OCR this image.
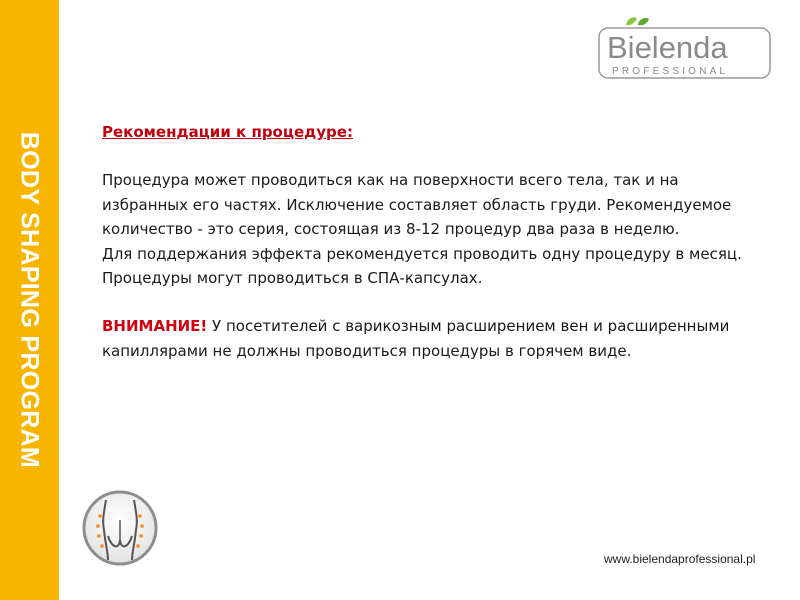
BODY SHAPING PROGRAM
Bielenda
PROFESSIONAL
Рекомендации к процедуре:

Процедура может проводиться как на поверхности всего тела, так и на избранных его частях. Исключение составляет область груди. Рекомендуемое количество - это серия, состоящая из 8-12 процедур два раза в неделю.

Для поддержания эффекта рекомендуется проводить одну процедуру в месяц. Процедуры могут проводиться в СПА-капсулах.

ВНИМАНИЕ! У посетителей с варикозным расширением вен и расширенными капиллярами не должны проводиться процедуры в горячем виде.

www.bielendaprofessional.pl
